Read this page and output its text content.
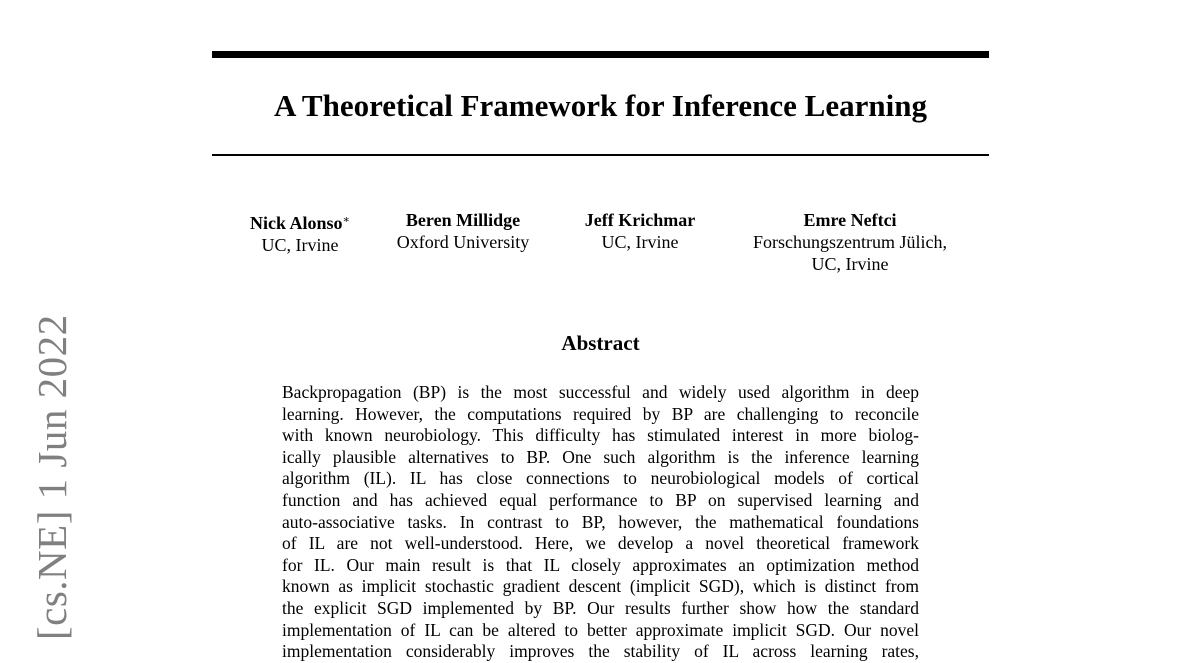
[cs.NE] 1 Jun 2022
A Theoretical Framework for Inference Learning
Nick Alonso∗
UC, Irvine
Beren Millidge
Oxford University
Jeff Krichmar
UC, Irvine
Emre Neftci
Forschungszentrum Jülich,
UC, Irvine
Abstract
Backpropagation (BP) is the most successful and widely used algorithm in deep
learning. However, the computations required by BP are challenging to reconcile
with known neurobiology. This difficulty has stimulated interest in more biolog-
ically plausible alternatives to BP. One such algorithm is the inference learning
algorithm (IL). IL has close connections to neurobiological models of cortical
function and has achieved equal performance to BP on supervised learning and
auto-associative tasks. In contrast to BP, however, the mathematical foundations
of IL are not well-understood. Here, we develop a novel theoretical framework
for IL. Our main result is that IL closely approximates an optimization method
known as implicit stochastic gradient descent (implicit SGD), which is distinct from
the explicit SGD implemented by BP. Our results further show how the standard
implementation of IL can be altered to better approximate implicit SGD. Our novel
implementation considerably improves the stability of IL across learning rates,
